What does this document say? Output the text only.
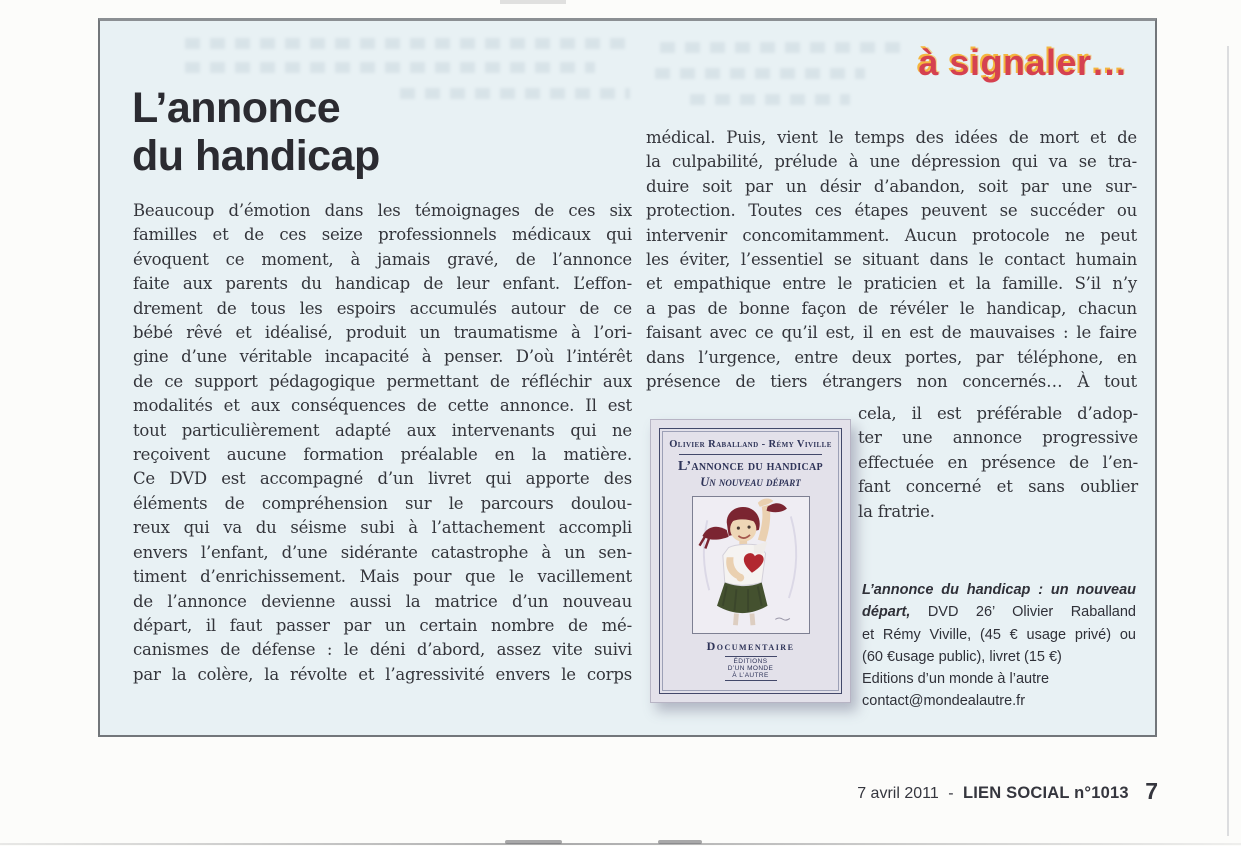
à signaler…
L’annonce
du handicap
Beaucoup d’émotion dans les témoignages de ces six
familles et de ces seize professionnels médicaux qui
évoquent ce moment, à jamais gravé, de l’annonce
faite aux parents du handicap de leur enfant. L’effon-
drement de tous les espoirs accumulés autour de ce
bébé rêvé et idéalisé, produit un traumatisme à l’ori-
gine d’une véritable incapacité à penser. D’où l’intérêt
de ce support pédagogique permettant de réfléchir aux
modalités et aux conséquences de cette annonce. Il est
tout particulièrement adapté aux intervenants qui ne
reçoivent aucune formation préalable en la matière.
Ce DVD est accompagné d’un livret qui apporte des
éléments de compréhension sur le parcours doulou-
reux qui va du séisme subi à l’attachement accompli
envers l’enfant, d’une sidérante catastrophe à un sen-
timent d’enrichissement. Mais pour que le vacillement
de l’annonce devienne aussi la matrice d’un nouveau
départ, il faut passer par un certain nombre de mé-
canismes de défense : le déni d’abord, assez vite suivi
par la colère, la révolte et l’agressivité envers le corps
médical. Puis, vient le temps des idées de mort et de
la culpabilité, prélude à une dépression qui va se tra-
duire soit par un désir d’abandon, soit par une sur-
protection. Toutes ces étapes peuvent se succéder ou
intervenir concomitamment. Aucun protocole ne peut
les éviter, l’essentiel se situant dans le contact humain
et empathique entre le praticien et la famille. S’il n’y
a pas de bonne façon de révéler le handicap, chacun
faisant avec ce qu’il est, il en est de mauvaises : le faire
dans l’urgence, entre deux portes, par téléphone, en
présence de tiers étrangers non concernés… À tout
cela, il est préférable d’adop-
ter une annonce progressive
effectuée en présence de l’en-
fant concerné et sans oublier
la fratrie.
Olivier Raballand - Rémy Viville
L’annonce du handicap
Un nouveau départ
Documentaire
ÉDITIONS
D’UN MONDE
À L’AUTRE
L’annonce du handicap : un nouveau
départ, DVD 26’ Olivier Raballand
et Rémy Viville, (45 € usage privé) ou
(60 €usage public), livret (15 €)
Editions d’un monde à l’autre
contact@mondealautre.fr
7 avril 2011 - LIEN SOCIAL n°1013 7
